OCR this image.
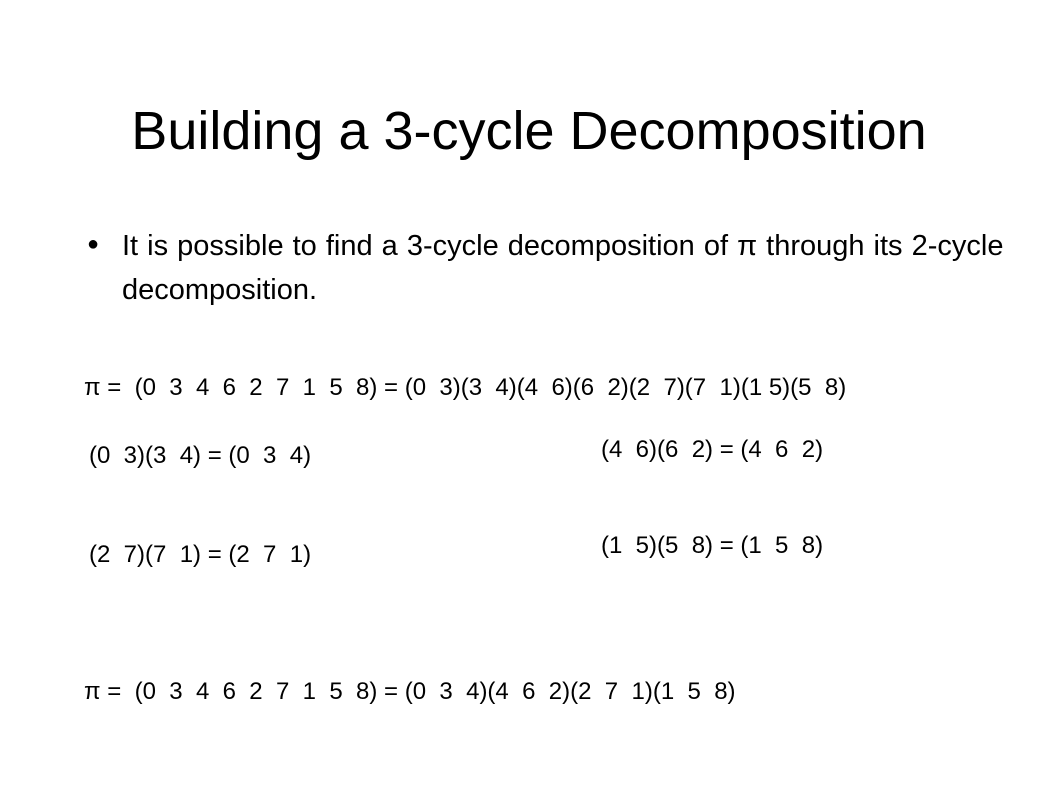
Building a 3-cycle Decomposition
● It is possible to find a 3-cycle decomposition of π through its 2-cycle decomposition.
π =  (0  3  4  6  2  7  1  5  8) = (0  3)(3  4)(4  6)(6  2)(2  7)(7  1)(1 5)(5  8)
(0  3)(3  4) = (0  3  4)	(4  6)(6  2) = (4  6  2)
(2  7)(7  1) = (2  7  1)	(1  5)(5  8) = (1  5  8)
π =  (0  3  4  6  2  7  1  5  8) = (0  3  4)(4  6  2)(2  7  1)(1  5  8)
